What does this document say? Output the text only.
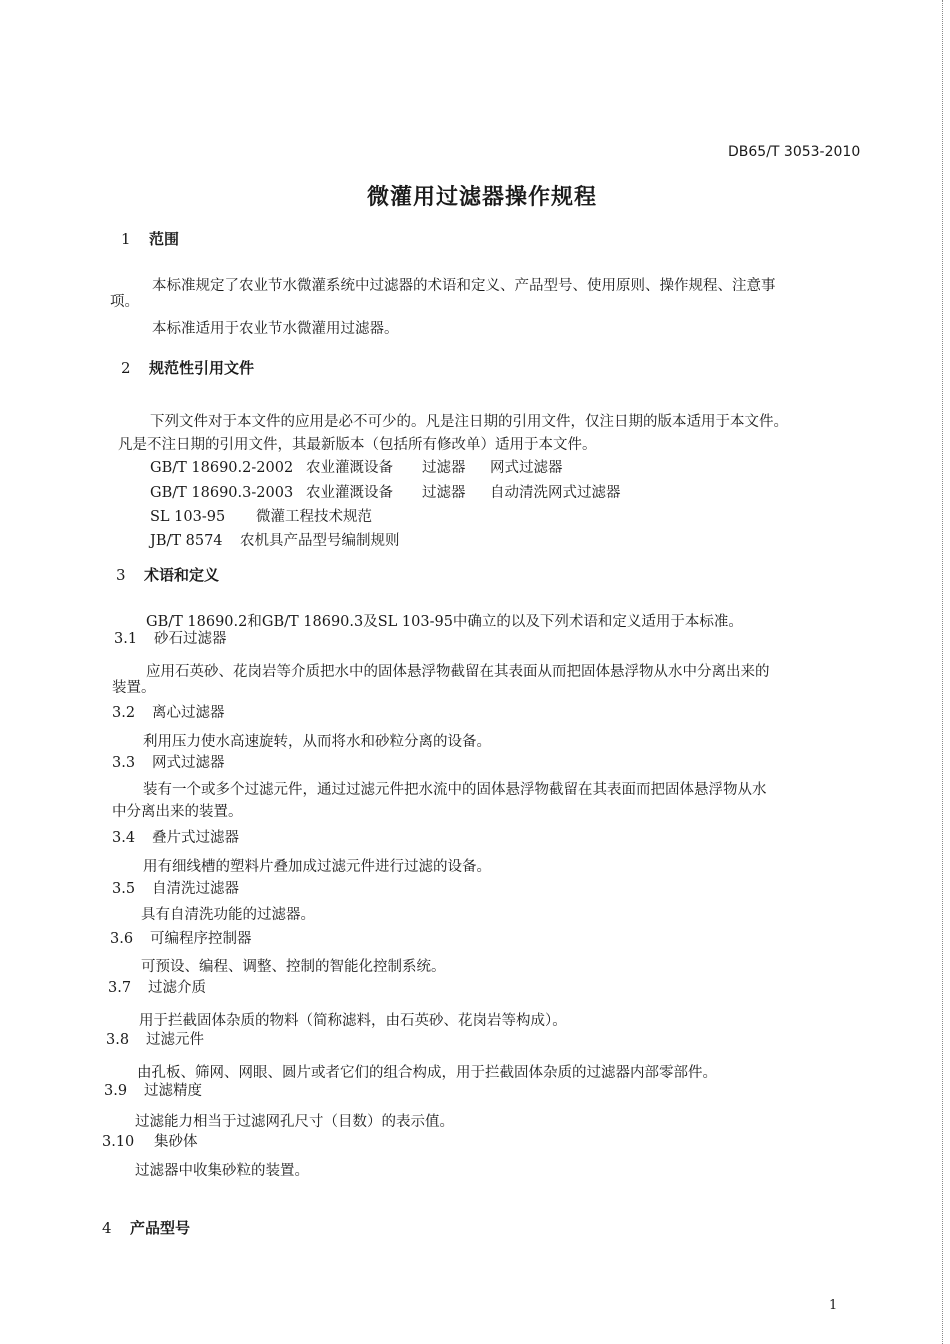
DB65/T 3053-2010
微灌用过滤器操作规程
1 范围
本标准规定了农业节水微灌系统中过滤器的术语和定义、产品型号、使用原则、操作规程、注意事
项。
本标准适用于农业节水微灌用过滤器。
2 规范性引用文件
下列文件对于本文件的应用是必不可少的。凡是注日期的引用文件，仅注日期的版本适用于本文件。
凡是不注日期的引用文件，其最新版本（包括所有修改单）适用于本文件。
GB/T 18690.2-2002 农业灌溉设备 过滤器 网式过滤器
GB/T 18690.3-2003 农业灌溉设备 过滤器 自动清洗网式过滤器
SL 103-95 微灌工程技术规范
JB/T 8574 农机具产品型号编制规则
3 术语和定义
GB/T 18690.2和GB/T 18690.3及SL 103-95中确立的以及下列术语和定义适用于本标准。
3.1 砂石过滤器
应用石英砂、花岗岩等介质把水中的固体悬浮物截留在其表面从而把固体悬浮物从水中分离出来的
装置。
3.2 离心过滤器
利用压力使水高速旋转，从而将水和砂粒分离的设备。
3.3 网式过滤器
装有一个或多个过滤元件，通过过滤元件把水流中的固体悬浮物截留在其表面而把固体悬浮物从水
中分离出来的装置。
3.4 叠片式过滤器
用有细线槽的塑料片叠加成过滤元件进行过滤的设备。
3.5 自清洗过滤器
具有自清洗功能的过滤器。
3.6 可编程序控制器
可预设、编程、调整、控制的智能化控制系统。
3.7 过滤介质
用于拦截固体杂质的物料（简称滤料，由石英砂、花岗岩等构成）。
3.8 过滤元件
由孔板、筛网、网眼、圆片或者它们的组合构成，用于拦截固体杂质的过滤器内部零部件。
3.9 过滤精度
过滤能力相当于过滤网孔尺寸（目数）的表示值。
3.10 集砂体
过滤器中收集砂粒的装置。
4 产品型号
1
